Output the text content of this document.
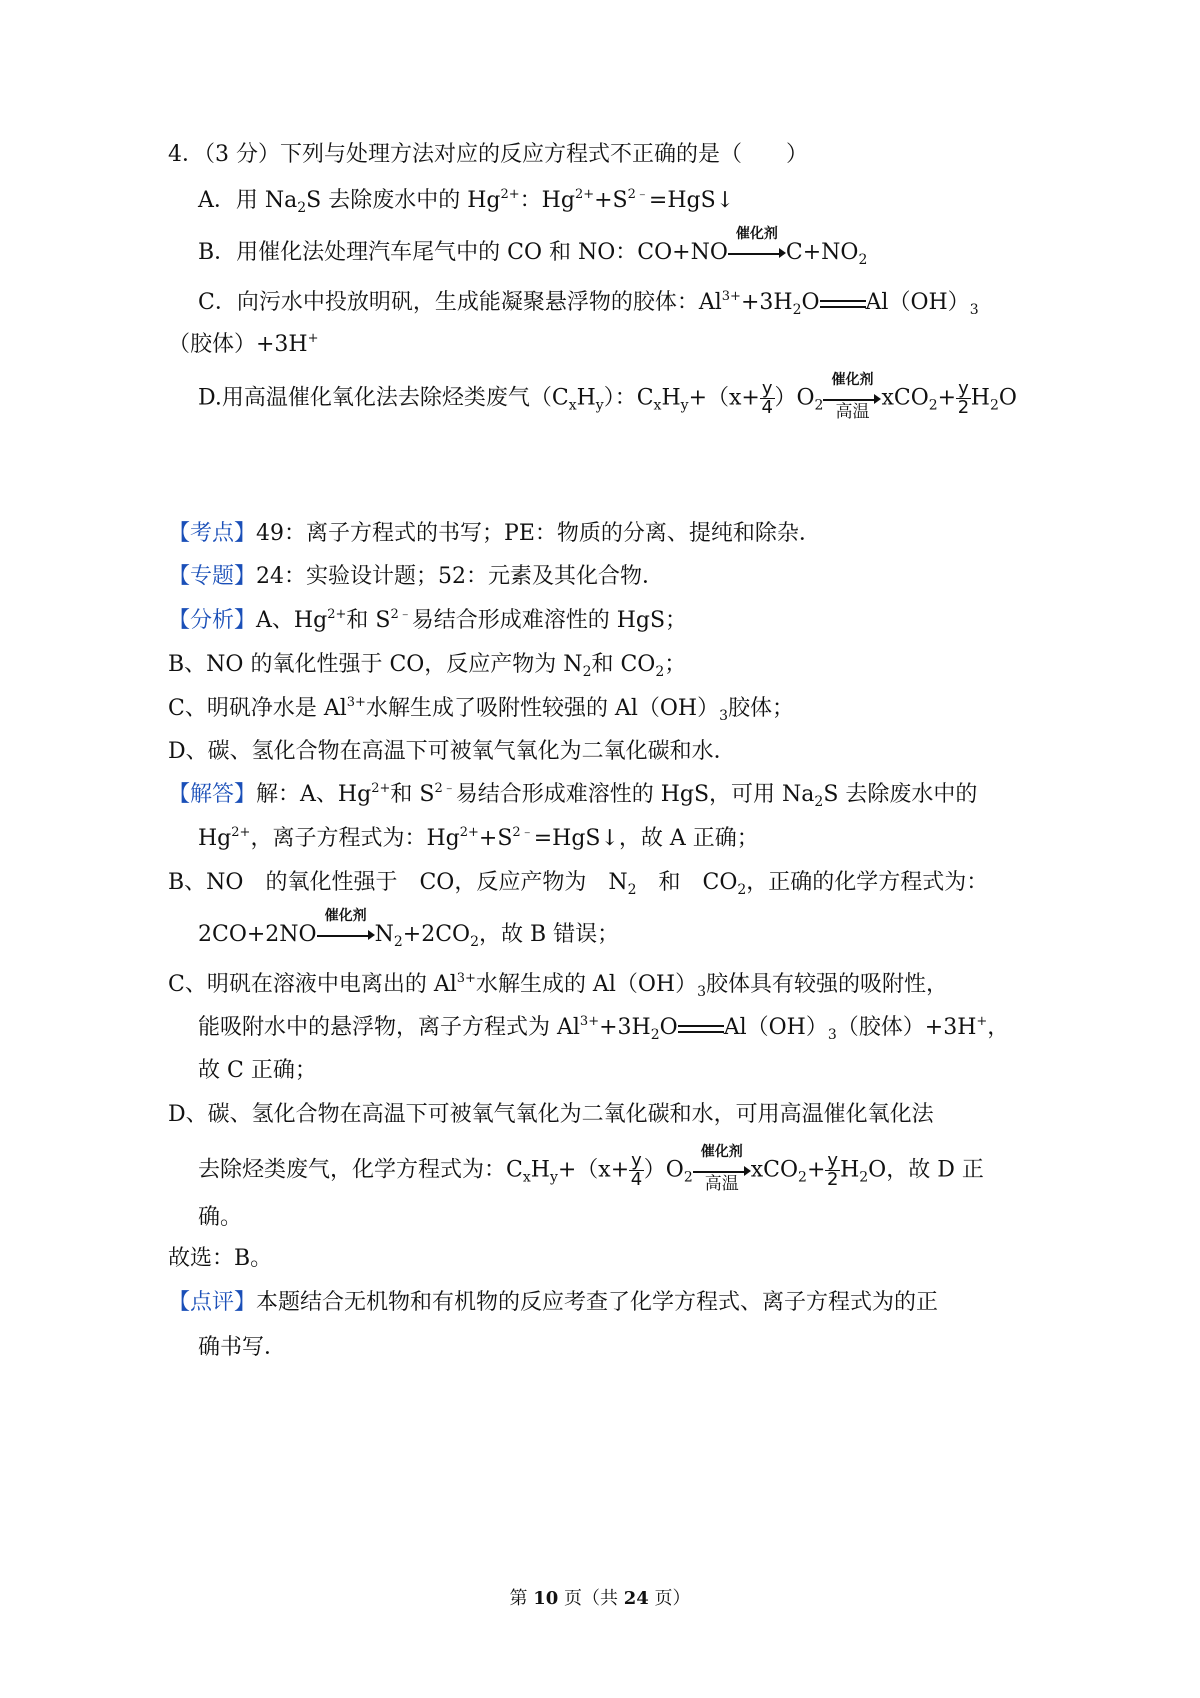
4．（3 分）下列与处理方法对应的反应方程式不正确的是（　　）
A．用 $Na_2S$ 去除废水中的 $Hg^{2+}$：$Hg^{2+}+S^{2﹣}=HgS↓$
B．用催化法处理汽车尾气中的 CO 和 NO：CO+NO
催化剂
$C+NO_2$
C．向污水中投放明矾，生成能凝聚悬浮物的胶体：$Al^{3+}+3H_2O$ $Al(OH)_3$
（胶体）+3H+
D.用高温催化氧化法去除烃类废气$(C_xH_y)$：$C_xH_y+(x+ \frac{y}{4} )O_2$
催化剂
高温
$xCO_2+ \frac{y}{2} H_2O$
【考点】49：离子方程式的书写；PE：物质的分离、提纯和除杂．
【专题】24：实验设计题；52：元素及其化合物．
【分析】A、$Hg^{2+}$和 $S^{2﹣}$易结合形成难溶性的 HgS；
B、NO 的氧化性强于 CO，反应产物为 $N_2$和 $CO_2$；
C、明矾净水是 $Al^{3+}$水解生成了吸附性较强的 $Al(OH)_3$胶体；
D、碳、氢化合物在高温下可被氧气氧化为二氧化碳和水．
【解答】解：A、$Hg^{2+}$和 $S^{2﹣}$易结合形成难溶性的 HgS，可用 $Na_2S$ 去除废水中的
$Hg^{2+}$，离子方程式为：$Hg^{2+}+S^{2﹣}=HgS↓$，故 A 正确；
B、NO　的氧化性强于　CO，反应产物为　$N_2$　和　$CO_2$，正确的化学方程式为：
2CO+2NO
催化剂
$N_2+2CO_2$，故 B 错误；
C、明矾在溶液中电离出的 $Al^{3+}$水解生成的 $Al(OH)_3$胶体具有较强的吸附性，
能吸附水中的悬浮物，离子方程式为 $Al^{3+}+3H_2O$ $Al(OH)_3$（胶体）+3H+，
故 C 正确；
D、碳、氢化合物在高温下可被氧气氧化为二氧化碳和水，可用高温催化氧化法
去除烃类废气，化学方程式为：$C_xH_y+(x+ \frac{y}{4} )O_2$
催化剂
高温
$xCO_2+ \frac{y}{2} H_2O$，故 D 正
确。
故选：B。
【点评】本题结合无机物和有机物的反应考查了化学方程式、离子方程式为的正
确书写．
第 10 页（共 24 页）
